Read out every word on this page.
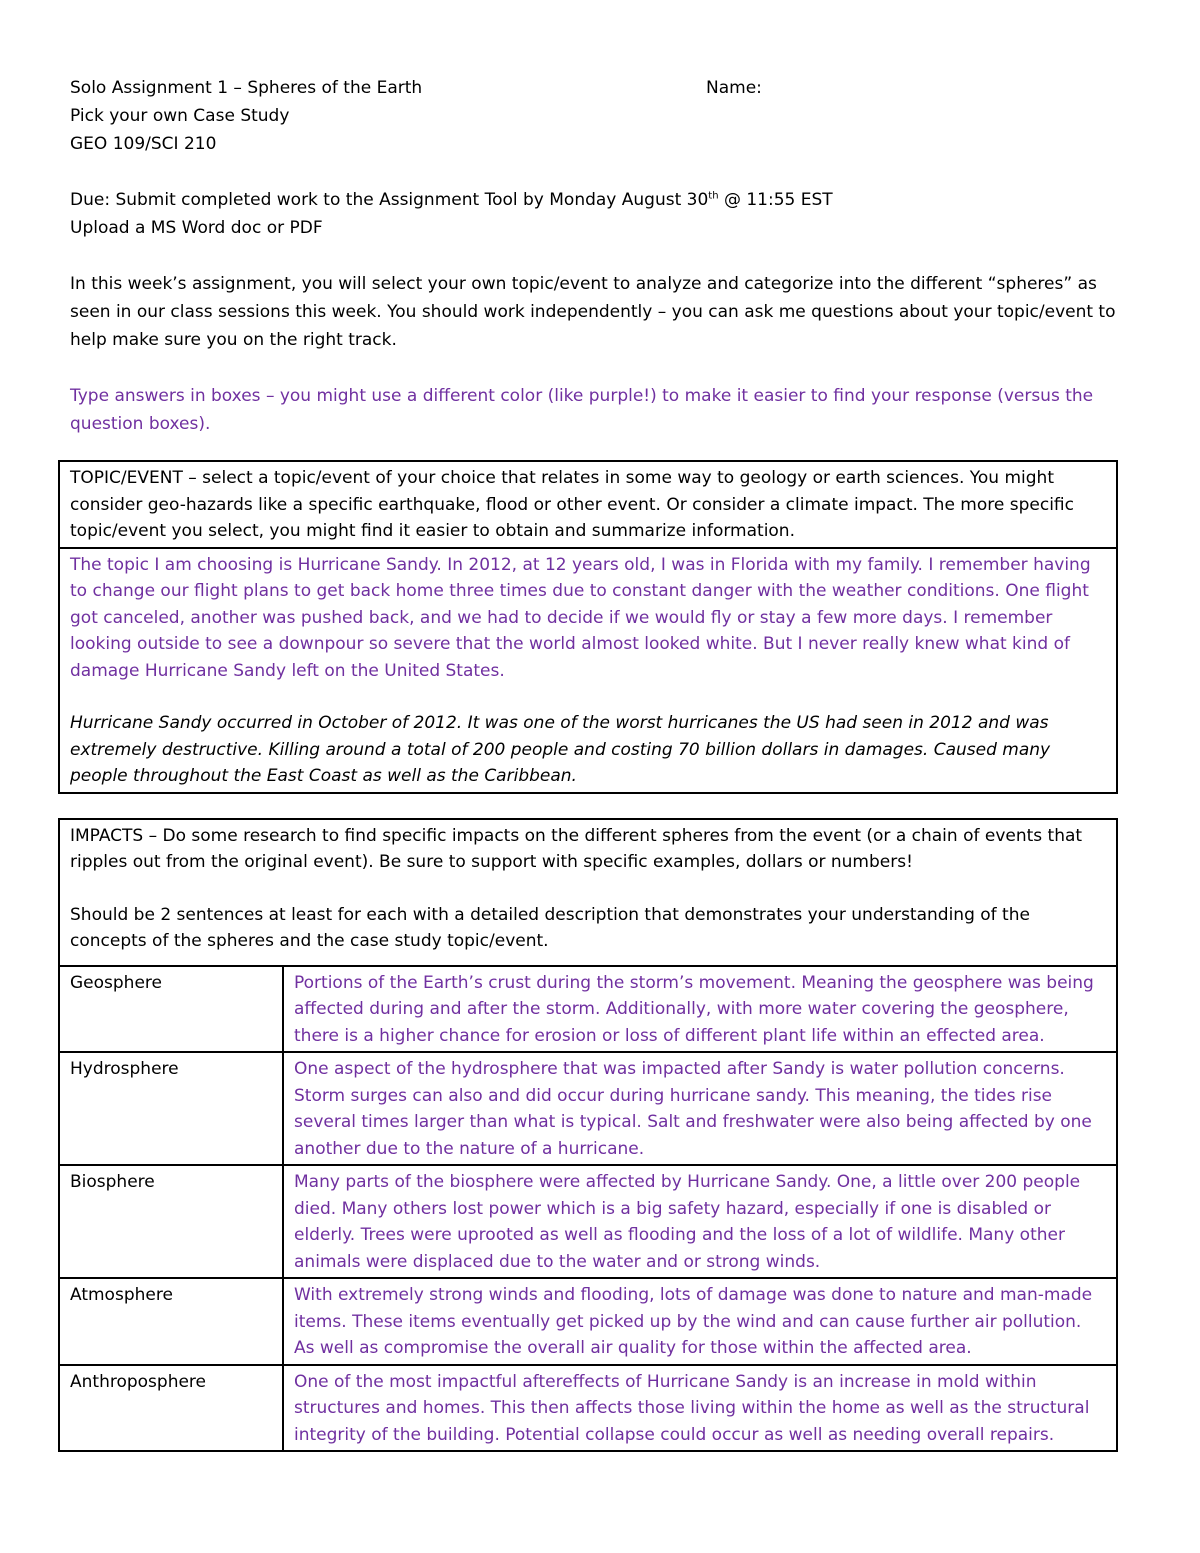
Solo Assignment 1 – Spheres of the Earth	Name:
Pick your own Case Study
GEO 109/SCI 210
Due: Submit completed work to the Assignment Tool by Monday August 30th @ 11:55 EST
Upload a MS Word doc or PDF
In this week’s assignment, you will select your own topic/event to analyze and categorize into the different “spheres” as seen in our class sessions this week. You should work independently – you can ask me questions about your topic/event to help make sure you on the right track.
Type answers in boxes – you might use a different color (like purple!) to make it easier to find your response (versus the question boxes).
TOPIC/EVENT – select a topic/event of your choice that relates in some way to geology or earth sciences. You might consider geo-hazards like a specific earthquake, flood or other event. Or consider a climate impact. The more specific topic/event you select, you might find it easier to obtain and summarize information.

The topic I am choosing is Hurricane Sandy. In 2012, at 12 years old, I was in Florida with my family. I remember having to change our flight plans to get back home three times due to constant danger with the weather conditions. One flight got canceled, another was pushed back, and we had to decide if we would fly or stay a few more days. I remember looking outside to see a downpour so severe that the world almost looked white. But I never really knew what kind of damage Hurricane Sandy left on the United States.
Hurricane Sandy occurred in October of 2012. It was one of the worst hurricanes the US had seen in 2012 and was extremely destructive. Killing around a total of 200 people and costing 70 billion dollars in damages. Caused many people throughout the East Coast as well as the Caribbean.
IMPACTS – Do some research to find specific impacts on the different spheres from the event (or a chain of events that ripples out from the original event). Be sure to support with specific examples, dollars or numbers!
Should be 2 sentences at least for each with a detailed description that demonstrates your understanding of the concepts of the spheres and the case study topic/event.	

Geosphere	Portions of the Earth’s crust during the storm’s movement. Meaning the geosphere was being affected during and after the storm. Additionally, with more water covering the geosphere, there is a higher chance for erosion or loss of different plant life within an effected area.
Hydrosphere	One aspect of the hydrosphere that was impacted after Sandy is water pollution concerns. Storm surges can also and did occur during hurricane sandy. This meaning, the tides rise several times larger than what is typical. Salt and freshwater were also being affected by one another due to the nature of a hurricane.
Biosphere	Many parts of the biosphere were affected by Hurricane Sandy. One, a little over 200 people died. Many others lost power which is a big safety hazard, especially if one is disabled or elderly. Trees were uprooted as well as flooding and the loss of a lot of wildlife. Many other animals were displaced due to the water and or strong winds.
Atmosphere	With extremely strong winds and flooding, lots of damage was done to nature and man-made items. These items eventually get picked up by the wind and can cause further air pollution. As well as compromise the overall air quality for those within the affected area.
Anthroposphere	One of the most impactful aftereffects of Hurricane Sandy is an increase in mold within structures and homes. This then affects those living within the home as well as the structural integrity of the building. Potential collapse could occur as well as needing overall repairs.
